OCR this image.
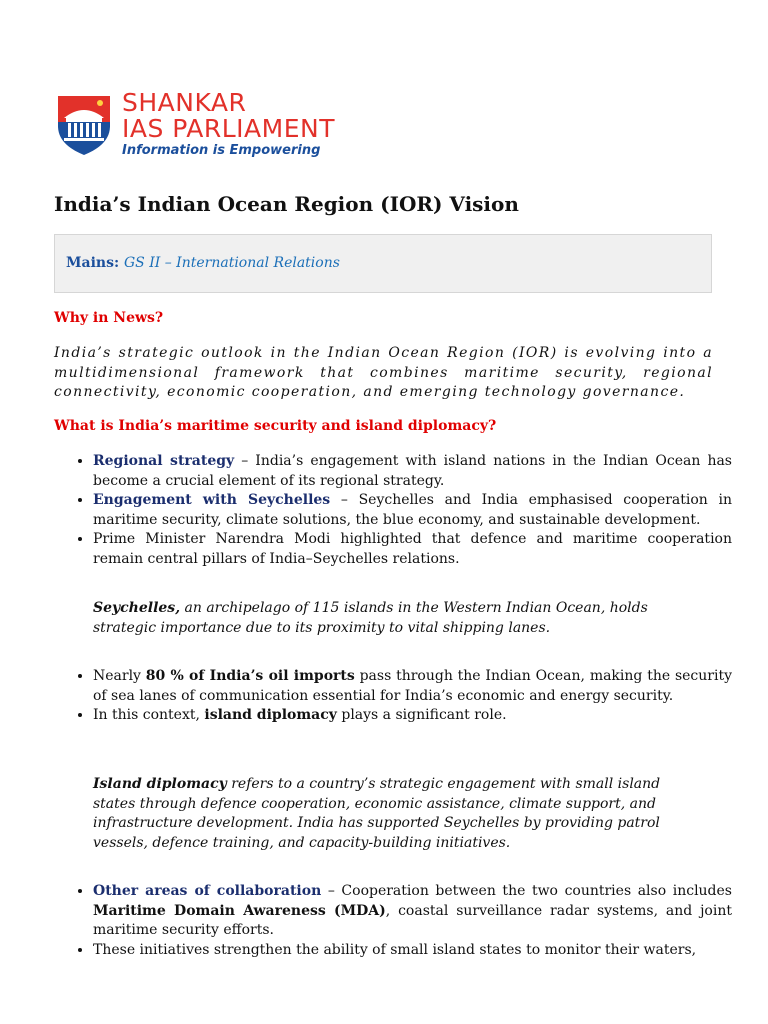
SHANKAR
IAS PARLIAMENT
Information is Empowering
India’s Indian Ocean Region (IOR) Vision
Mains: GS II – International Relations

Why in News?

India’s strategic outlook in the Indian Ocean Region (IOR) is evolving into a multidimensional framework that combines maritime security, regional connectivity, economic cooperation, and emerging technology governance.

What is India’s maritime security and island diplomacy?

• Regional strategy – India’s engagement with island nations in the Indian Ocean has become a crucial element of its regional strategy.
• Engagement with Seychelles – Seychelles and India emphasised cooperation in maritime security, climate solutions, the blue economy, and sustainable development.
• Prime Minister Narendra Modi highlighted that defence and maritime cooperation remain central pillars of India–Seychelles relations.

Seychelles, an archipelago of 115 islands in the Western Indian Ocean, holds strategic importance due to its proximity to vital shipping lanes.

• Nearly 80 % of India’s oil imports pass through the Indian Ocean, making the security of sea lanes of communication essential for India’s economic and energy security.
• In this context, island diplomacy plays a significant role.

Island diplomacy refers to a country’s strategic engagement with small island states through defence cooperation, economic assistance, climate support, and infrastructure development. India has supported Seychelles by providing patrol vessels, defence training, and capacity-building initiatives.

• Other areas of collaboration – Cooperation between the two countries also includes Maritime Domain Awareness (MDA), coastal surveillance radar systems, and joint maritime security efforts.
• These initiatives strengthen the ability of small island states to monitor their waters,
